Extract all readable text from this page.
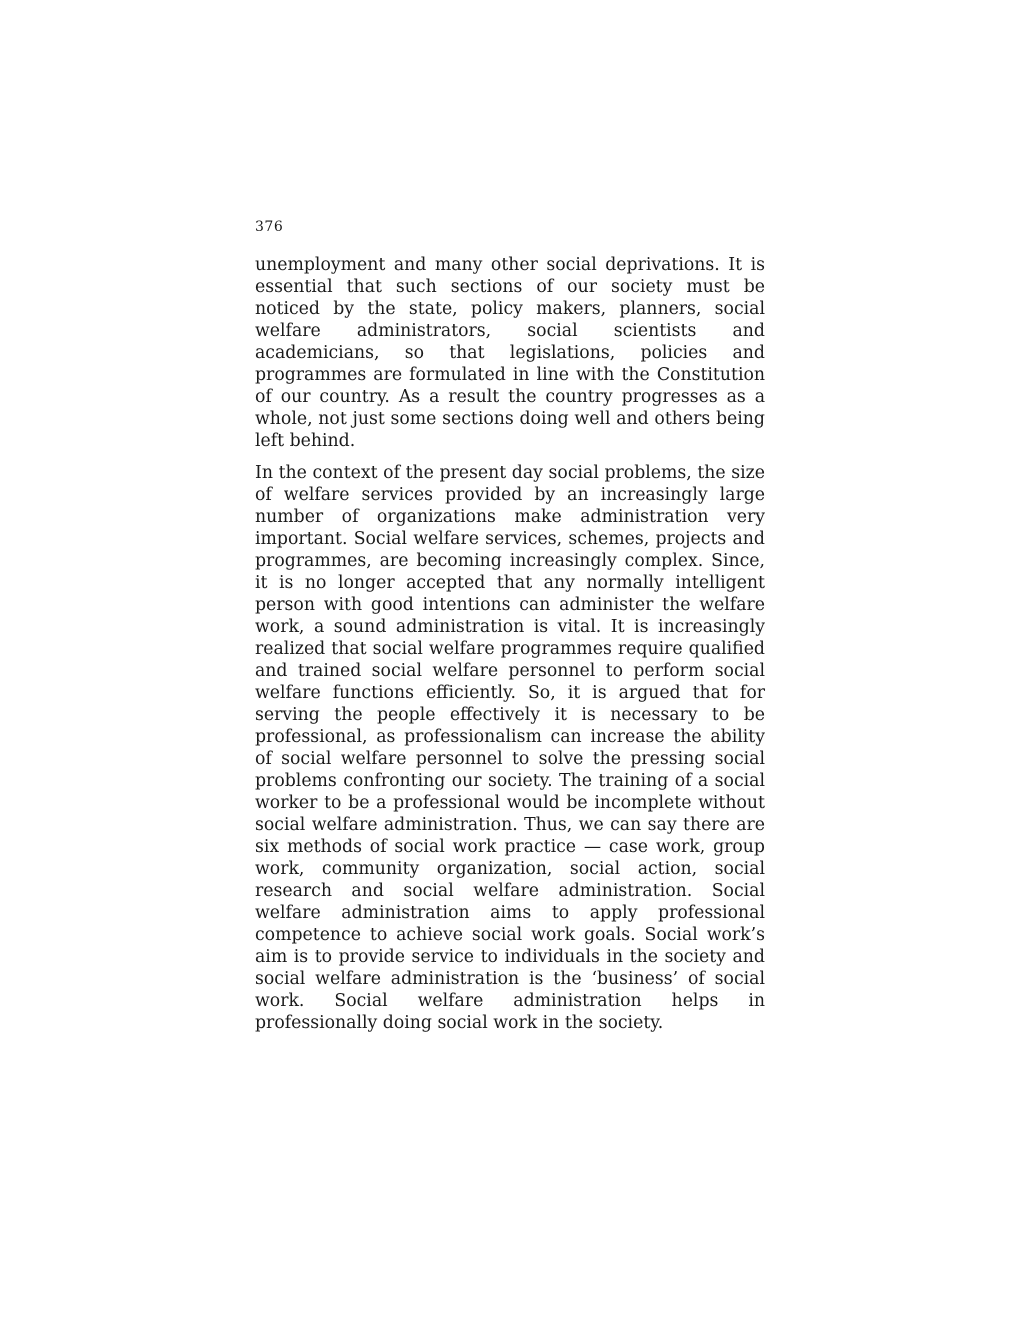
376

unemployment and many other social deprivations. It is essential that such sections of our society must be noticed by the state, policy makers, planners, social welfare administrators, social scientists and academicians, so that legislations, policies and programmes are formulated in line with the Constitution of our country. As a result the country progresses as a whole, not just some sections doing well and others being left behind.

In the context of the present day social problems, the size of welfare services provided by an increasingly large number of organizations make administration very important. Social welfare services, schemes, projects and programmes, are becoming increasingly complex. Since, it is no longer accepted that any normally intelligent person with good intentions can administer the welfare work, a sound administration is vital. It is increasingly realized that social welfare programmes require qualified and trained social welfare personnel to perform social welfare functions efficiently. So, it is argued that for serving the people effectively it is necessary to be professional, as professionalism can increase the ability of social welfare personnel to solve the pressing social problems confronting our society. The training of a social worker to be a professional would be incomplete without social welfare administration. Thus, we can say there are six methods of social work practice — case work, group work, community organization, social action, social research and social welfare administration. Social welfare administration aims to apply professional competence to achieve social work goals. Social work’s aim is to provide service to individuals in the society and social welfare administration is the ‘business’ of social work. Social welfare administration helps in professionally doing social work in the society.
